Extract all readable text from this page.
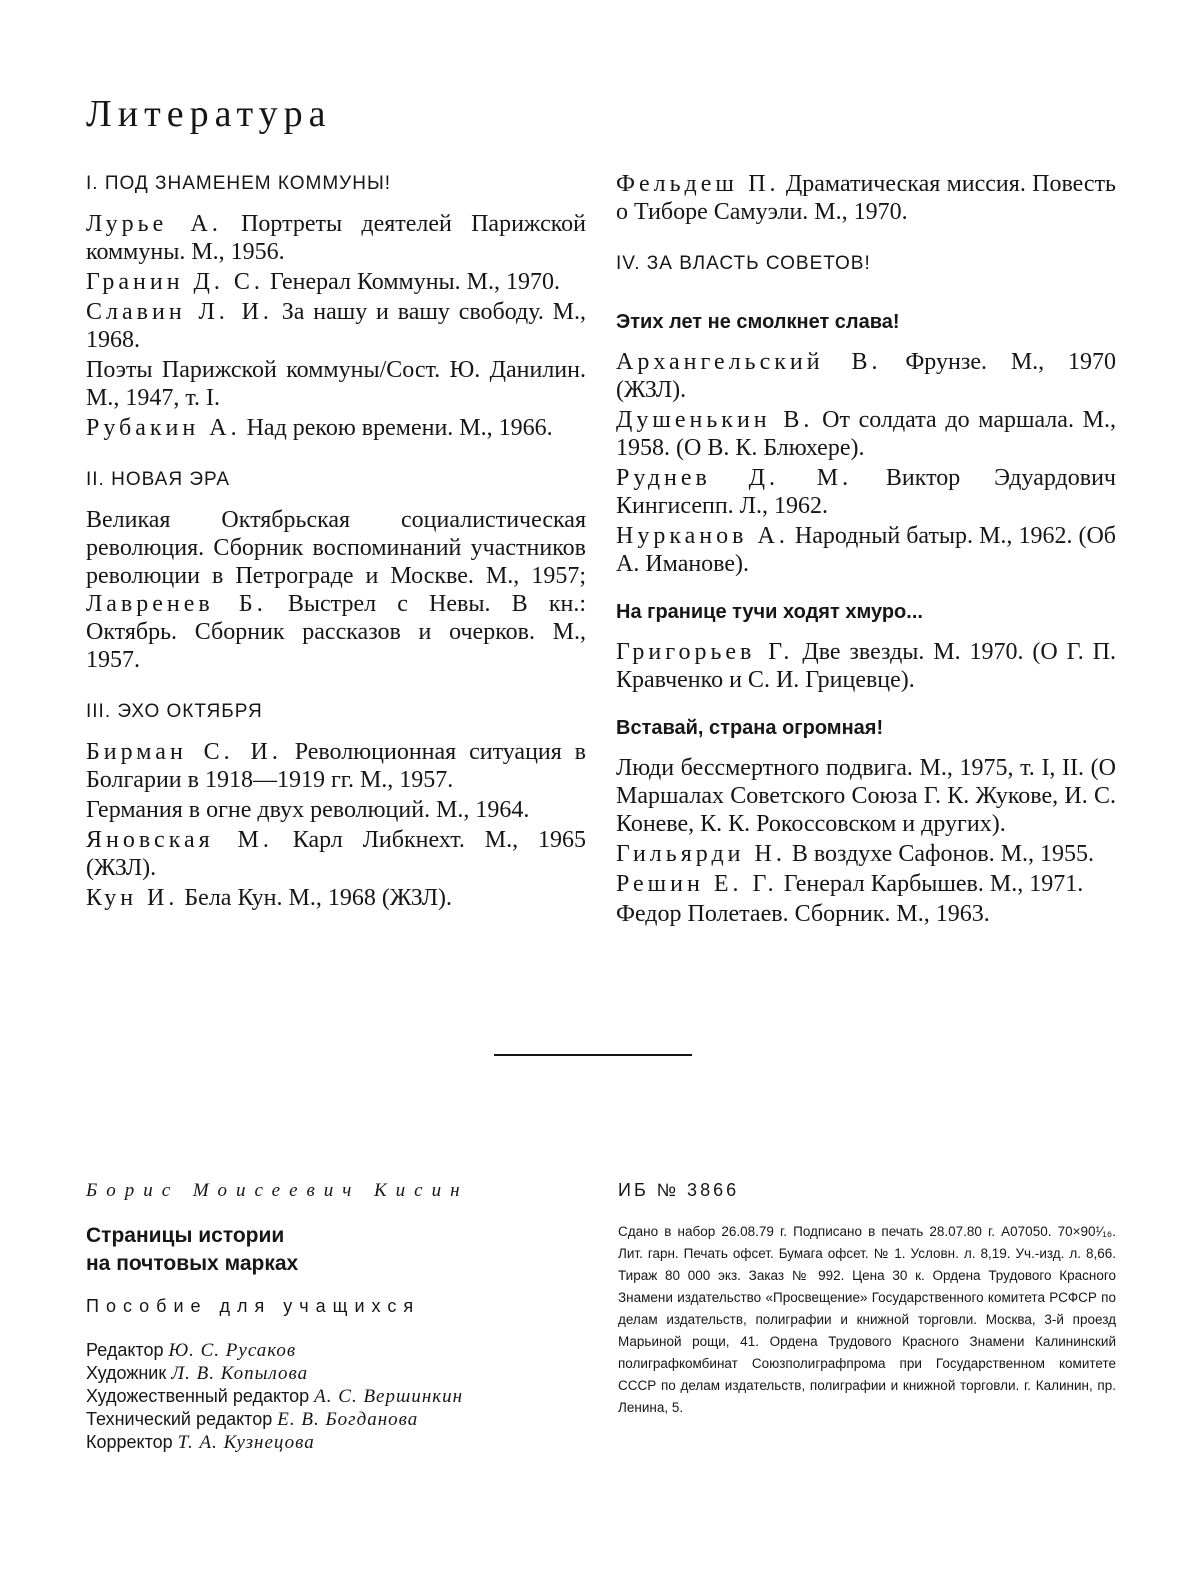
Литература

I. ПОД ЗНАМЕНЕМ КОММУНЫ!

Лурье А. Портреты деятелей Парижской коммуны. М., 1956.

Гранин Д. С. Генерал Коммуны. М., 1970.

Славин Л. И. За нашу и вашу свободу. М., 1968.

Поэты Парижской коммуны/Сост. Ю. Данилин. М., 1947, т. I.

Рубакин А. Над рекою времени. М., 1966.

II. НОВАЯ ЭРА

Великая Октябрьская социалистическая революция. Сборник воспоминаний участников революции в Петрограде и Москве. М., 1957; Лавренев Б. Выстрел с Невы. В кн.: Октябрь. Сборник рассказов и очерков. М., 1957.

III. ЭХО ОКТЯБРЯ

Бирман С. И. Революционная ситуация в Болгарии в 1918—1919 гг. М., 1957.

Германия в огне двух революций. М., 1964.

Яновская М. Карл Либкнехт. М., 1965 (ЖЗЛ).

Кун И. Бела Кун. М., 1968 (ЖЗЛ).

Фельдеш П. Драматическая миссия. Повесть о Тиборе Самуэли. М., 1970.

IV. ЗА ВЛАСТЬ СОВЕТОВ!

Этих лет не смолкнет слава!

Архангельский В. Фрунзе. М., 1970 (ЖЗЛ).

Душенькин В. От солдата до маршала. М., 1958. (О В. К. Блюхере).

Руднев Д. М. Виктор Эдуардович Кингисепп. Л., 1962.

Нурканов А. Народный батыр. М., 1962. (Об А. Иманове).

На границе тучи ходят хмуро...

Григорьев Г. Две звезды. М. 1970. (О Г. П. Кравченко и С. И. Грицевце).

Вставай, страна огромная!

Люди бессмертного подвига. М., 1975, т. I, II. (О Маршалах Советского Союза Г. К. Жукове, И. С. Коневе, К. К. Рокоссовском и других).

Гильярди Н. В воздухе Сафонов. М., 1955.

Решин Е. Г. Генерал Карбышев. М., 1971.

Федор Полетаев. Сборник. М., 1963.

Борис Моисеевич Кисин

Страницы истории
на почтовых марках

Пособие для учащихся

Редактор Ю. С. Русаков

Художник Л. В. Копылова

Художественный редактор А. С. Вершинкин

Технический редактор Е. В. Богданова

Корректор Т. А. Кузнецова

ИБ № 3866

Сдано в набор 26.08.79 г. Подписано в печать 28.07.80 г. А07050. 70×90¹⁄₁₆. Лит. гарн. Печать офсет. Бумага офсет. № 1. Условн. л. 8,19. Уч.-изд. л. 8,66. Тираж 80 000 экз. Заказ № 992. Цена 30 к. Ордена Трудового Красного Знамени издательство «Просвещение» Государственного комитета РСФСР по делам издательств, полиграфии и книжной торговли. Москва, 3-й проезд Марьиной рощи, 41. Ордена Трудового Красного Знамени Калининский полиграфкомбинат Союзполиграфпрома при Государственном комитете СССР по делам издательств, полиграфии и книжной торговли. г. Калинин, пр. Ленина, 5.
